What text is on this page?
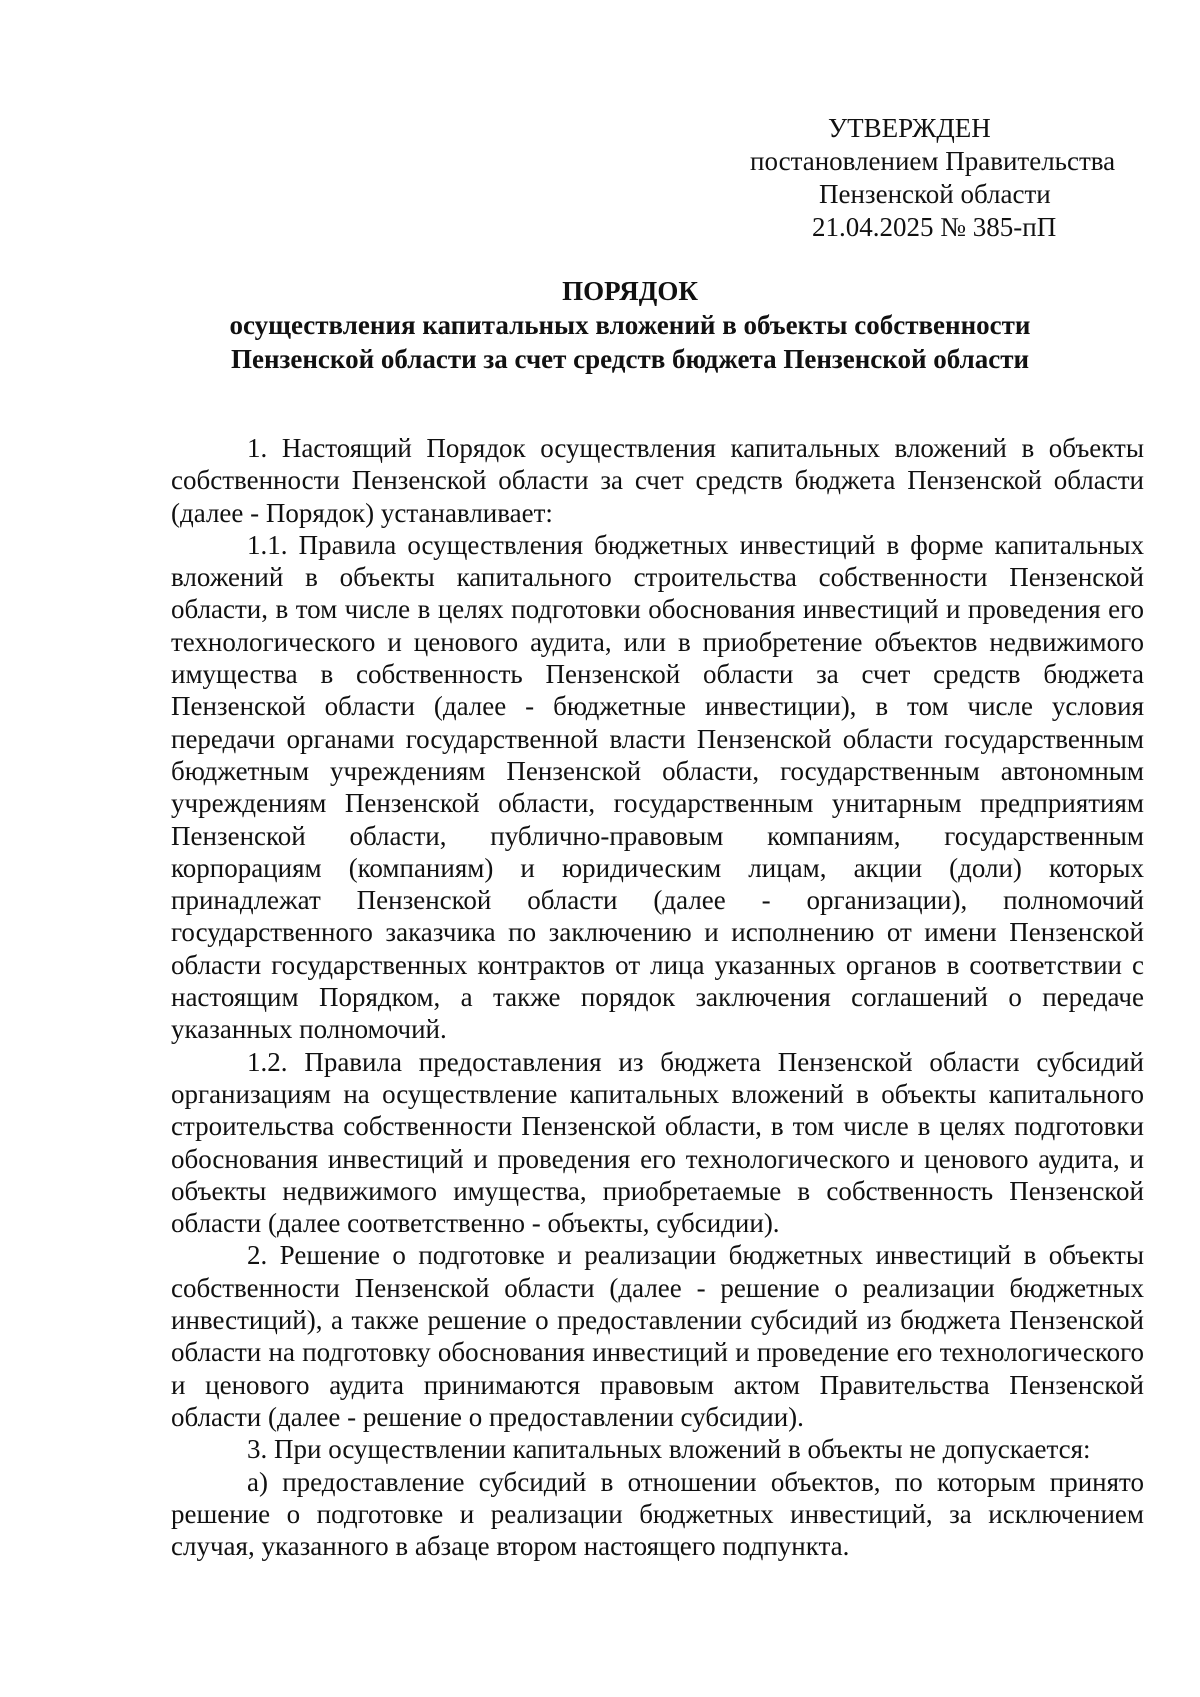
УТВЕРЖДЕН
постановлением Правительства
Пензенской области
21.04.2025 № 385-пП
ПОРЯДОК
осуществления капитальных вложений в объекты собственности
Пензенской области за счет средств бюджета Пензенской области

1. Настоящий Порядок осуществления капитальных вложений в объекты собственности Пензенской области за счет средств бюджета Пензенской области (далее - Порядок) устанавливает:

1.1. Правила осуществления бюджетных инвестиций в форме капитальных вложений в объекты капитального строительства собственности Пензенской области, в том числе в целях подготовки обоснования инвестиций и проведения его технологического и ценового аудита, или в приобретение объектов недвижимого имущества в собственность Пензенской области за счет средств бюджета Пензенской области (далее - бюджетные инвестиции), в том числе условия передачи органами государственной власти Пензенской области государственным бюджетным учреждениям Пензенской области, государственным автономным учреждениям Пензенской области, государственным унитарным предприятиям Пензенской области, публично-правовым компаниям, государственным корпорациям (компаниям) и юридическим лицам, акции (доли) которых принадлежат Пензенской области (далее - организации), полномочий государственного заказчика по заключению и исполнению от имени Пензенской области государственных контрактов от лица указанных органов в соответствии с настоящим Порядком, а также порядок заключения соглашений о передаче указанных полномочий.

1.2. Правила предоставления из бюджета Пензенской области субсидий организациям на осуществление капитальных вложений в объекты капитального строительства собственности Пензенской области, в том числе в целях подготовки обоснования инвестиций и проведения его технологического и ценового аудита, и объекты недвижимого имущества, приобретаемые в собственность Пензенской области (далее соответственно - объекты, субсидии).

2. Решение о подготовке и реализации бюджетных инвестиций в объекты собственности Пензенской области (далее - решение о реализации бюджетных инвестиций), а также решение о предоставлении субсидий из бюджета Пензенской области на подготовку обоснования инвестиций и проведение его технологического и ценового аудита принимаются правовым актом Правительства Пензенской области (далее - решение о предоставлении субсидии).

3. При осуществлении капитальных вложений в объекты не допускается:

а) предоставление субсидий в отношении объектов, по которым принято решение о подготовке и реализации бюджетных инвестиций, за исключением случая, указанного в абзаце втором настоящего подпункта.
